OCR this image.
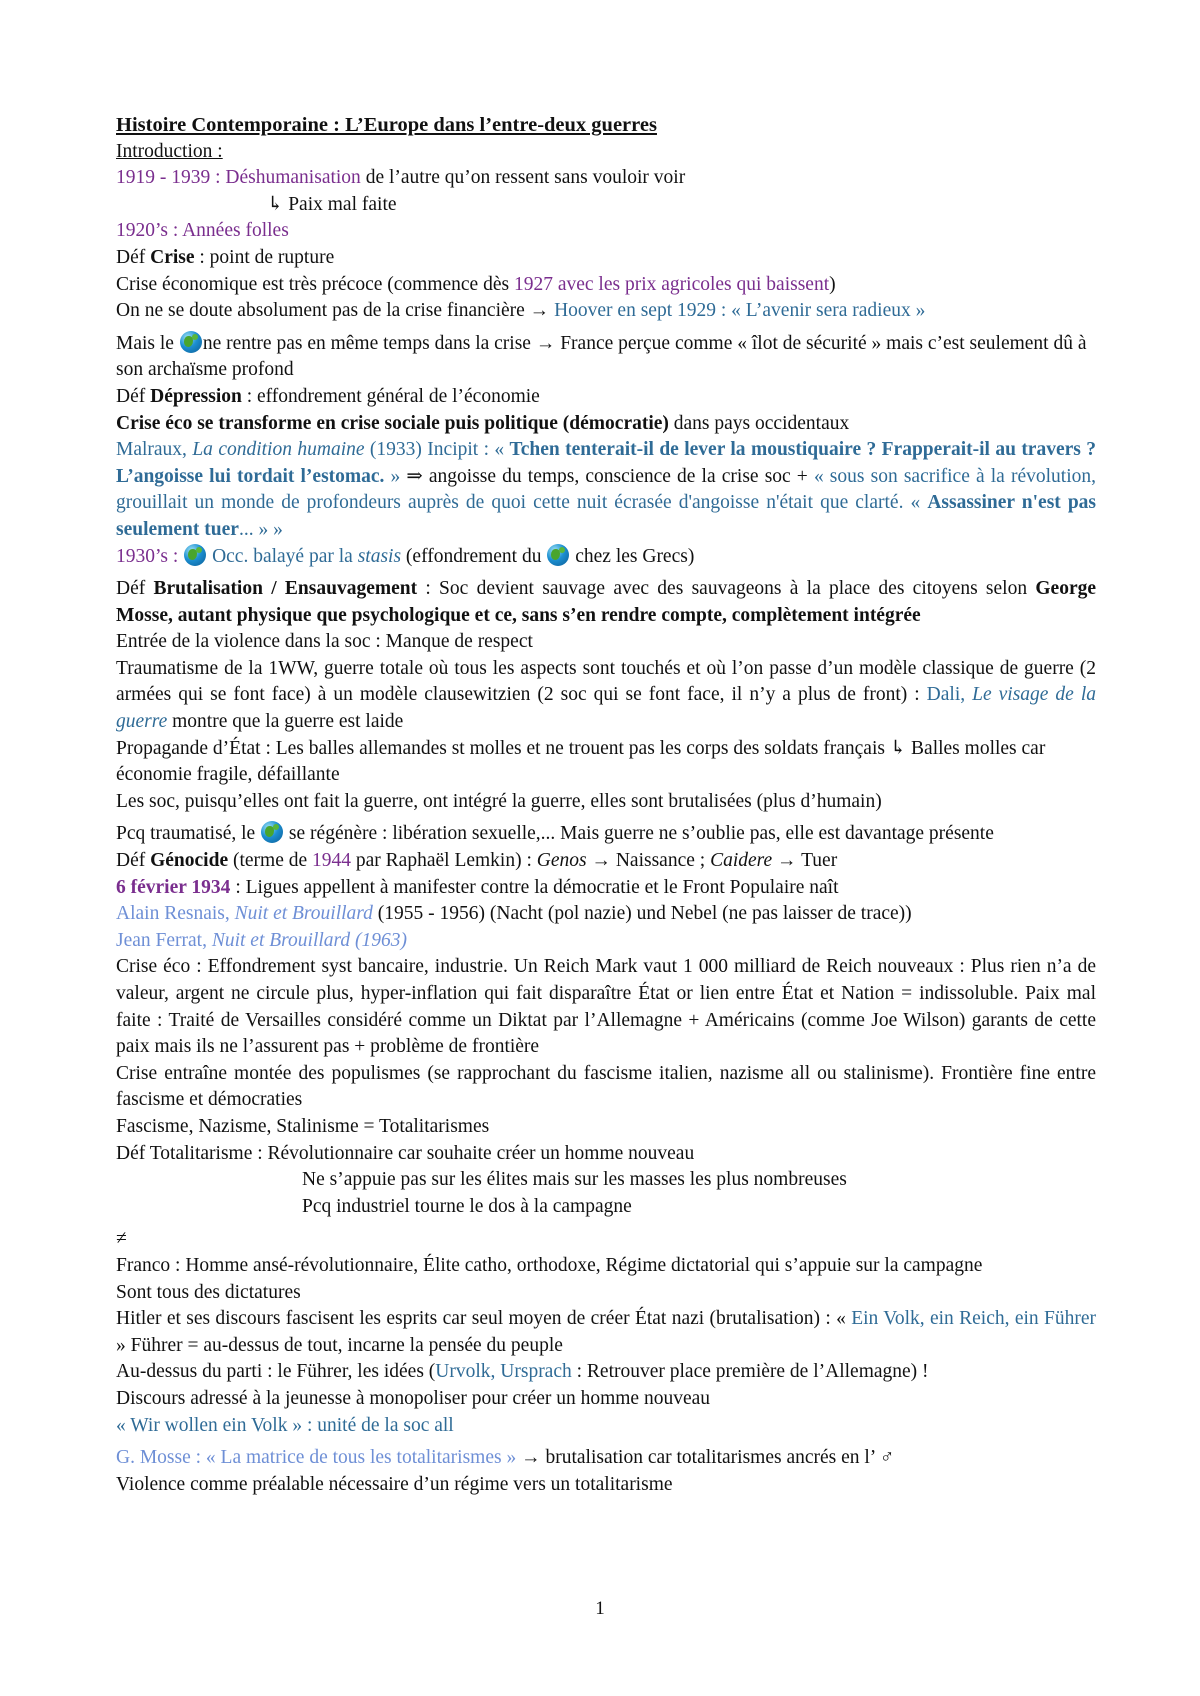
Histoire Contemporaine : L’Europe dans l’entre-deux guerres
Introduction :
1919 - 1939 : Déshumanisation de l’autre qu’on ressent sans vouloir voir
↳ Paix mal faite
1920’s : Années folles
Déf Crise : point de rupture
Crise économique est très précoce (commence dès 1927 avec les prix agricoles qui baissent)
On ne se doute absolument pas de la crise financière → Hoover en sept 1929 : « L’avenir sera radieux »
Mais le ne rentre pas en même temps dans la crise → France perçue comme « îlot de sécurité » mais c’est seulement dû à son archaïsme profond
Déf Dépression : effondrement général de l’économie
Crise éco se transforme en crise sociale puis politique (démocratie) dans pays occidentaux
Malraux, La condition humaine (1933) Incipit : « Tchen tenterait-il de lever la moustiquaire ? Frapperait-il au travers ? L’angoisse lui tordait l’estomac. » ⇒ angoisse du temps, conscience de la crise soc + « sous son sacrifice à la révolution, grouillait un monde de profondeurs auprès de quoi cette nuit écrasée d'angoisse n'était que clarté. « Assassiner n'est pas seulement tuer... » »
1930’s :  Occ. balayé par la stasis (effondrement du  chez les Grecs)
Déf Brutalisation / Ensauvagement : Soc devient sauvage avec des sauvageons à la place des citoyens selon George Mosse, autant physique que psychologique et ce, sans s’en rendre compte, complètement intégrée
Entrée de la violence dans la soc : Manque de respect
Traumatisme de la 1WW, guerre totale où tous les aspects sont touchés et où l’on passe d’un modèle classique de guerre (2 armées qui se font face) à un modèle clausewitzien (2 soc qui se font face, il n’y a plus de front) : Dali, Le visage de la guerre montre que la guerre est laide
Propagande d’État : Les balles allemandes st molles et ne trouent pas les corps des soldats français ↳ Balles molles car économie fragile, défaillante
Les soc, puisqu’elles ont fait la guerre, ont intégré la guerre, elles sont brutalisées (plus d’humain)
Pcq traumatisé, le  se régénère : libération sexuelle,... Mais guerre ne s’oublie pas, elle est davantage présente
Déf Génocide (terme de 1944 par Raphaël Lemkin) : Genos → Naissance ; Caidere → Tuer
6 février 1934 : Ligues appellent à manifester contre la démocratie et le Front Populaire naît
Alain Resnais, Nuit et Brouillard (1955 - 1956) (Nacht (pol nazie) und Nebel (ne pas laisser de trace))
Jean Ferrat, Nuit et Brouillard (1963)
Crise éco : Effondrement syst bancaire, industrie. Un Reich Mark vaut 1 000 milliard de Reich nouveaux : Plus rien n’a de valeur, argent ne circule plus, hyper-inflation qui fait disparaître État or lien entre État et Nation = indissoluble. Paix mal faite : Traité de Versailles considéré comme un Diktat par l’Allemagne + Américains (comme Joe Wilson) garants de cette paix mais ils ne l’assurent pas + problème de frontière
Crise entraîne montée des populismes (se rapprochant du fascisme italien, nazisme all ou stalinisme). Frontière fine entre fascisme et démocraties
Fascisme, Nazisme, Stalinisme = Totalitarismes
Déf Totalitarisme : Révolutionnaire car souhaite créer un homme nouveau
Ne s’appuie pas sur les élites mais sur les masses les plus nombreuses
Pcq industriel tourne le dos à la campagne
≠
Franco : Homme ansé-révolutionnaire, Élite catho, orthodoxe, Régime dictatorial qui s’appuie sur la campagne
Sont tous des dictatures
Hitler et ses discours fascisent les esprits car seul moyen de créer État nazi (brutalisation) : « Ein Volk, ein Reich, ein Führer » Führer = au-dessus de tout, incarne la pensée du peuple
Au-dessus du parti : le Führer, les idées (Urvolk, Ursprach : Retrouver place première de l’Allemagne) !
Discours adressé à la jeunesse à monopoliser pour créer un homme nouveau
« Wir wollen ein Volk » : unité de la soc all
G. Mosse : « La matrice de tous les totalitarismes » → brutalisation car totalitarismes ancrés en l’ ♂
Violence comme préalable nécessaire d’un régime vers un totalitarisme
1
